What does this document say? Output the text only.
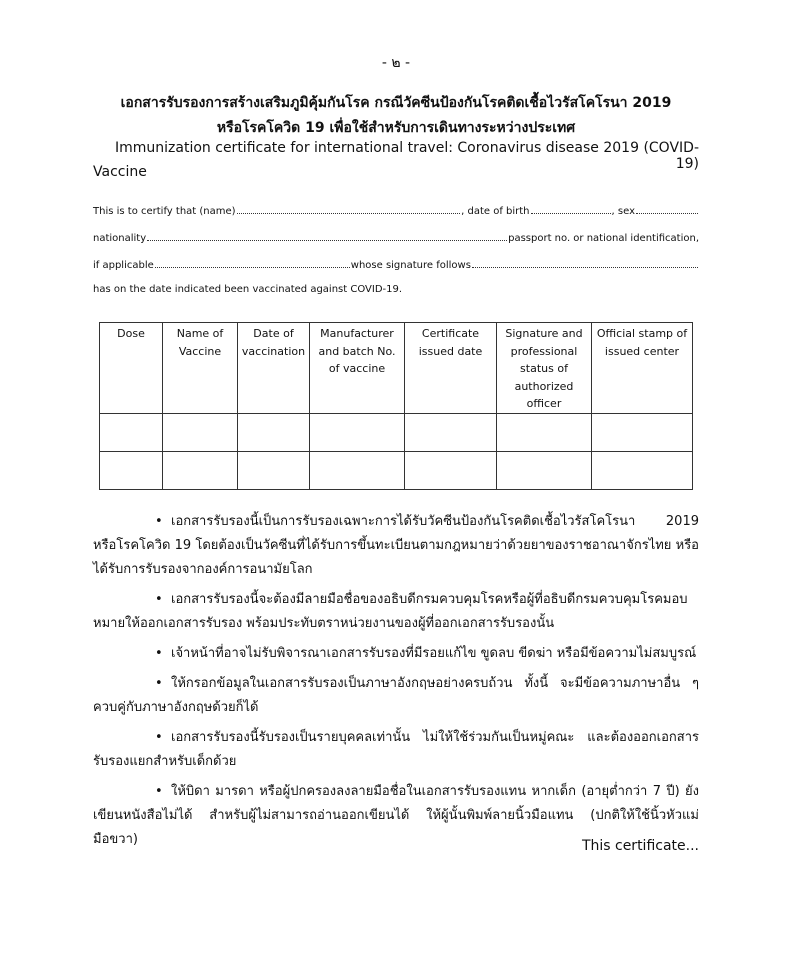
- ๒ -
เอกสารรับรองการสร้างเสริมภูมิคุ้มกันโรค กรณีวัคซีนป้องกันโรคติดเชื้อไวรัสโคโรนา 2019
หรือโรคโควิด 19 เพื่อใช้สำหรับการเดินทางระหว่างประเทศ
Immunization certificate for international travel: Coronavirus disease 2019 (COVID-19)
Vaccine
This is to certify that (name)	, date of birth	, sex
nationality	passport no. or national identification,
if applicable	whose signature follows
has on the date indicated been vaccinated against COVID-19.
Dose	Name of Vaccine	Date of vaccination	Manufacturer and batch No. of vaccine	Certificate issued date	Signature and professional status of authorized officer	Official stamp of issued center

• เอกสารรับรองนี้เป็นการรับรองเฉพาะการได้รับวัคซีนป้องกันโรคติดเชื้อไวรัสโคโรนา 2019 หรือโรคโควิด 19 โดยต้องเป็นวัคซีนที่ได้รับการขึ้นทะเบียนตามกฎหมายว่าด้วยยาของราชอาณาจักรไทย หรือได้รับการรับรองจากองค์การอนามัยโลก

• เอกสารรับรองนี้จะต้องมีลายมือชื่อของอธิบดีกรมควบคุมโรคหรือผู้ที่อธิบดีกรมควบคุมโรคมอบหมายให้ออกเอกสารรับรอง พร้อมประทับตราหน่วยงานของผู้ที่ออกเอกสารรับรองนั้น

• เจ้าหน้าที่อาจไม่รับพิจารณาเอกสารรับรองที่มีรอยแก้ไข ขูดลบ ขีดฆ่า หรือมีข้อความไม่สมบูรณ์

• ให้กรอกข้อมูลในเอกสารรับรองเป็นภาษาอังกฤษอย่างครบถ้วน ทั้งนี้ จะมีข้อความภาษาอื่น ๆ ควบคู่กับภาษาอังกฤษด้วยก็ได้

• เอกสารรับรองนี้รับรองเป็นรายบุคคลเท่านั้น ไม่ให้ใช้ร่วมกันเป็นหมู่คณะ และต้องออกเอกสารรับรองแยกสำหรับเด็กด้วย

• ให้บิดา มารดา หรือผู้ปกครองลงลายมือชื่อในเอกสารรับรองแทน หากเด็ก (อายุต่ำกว่า 7 ปี) ยังเขียนหนังสือไม่ได้ สำหรับผู้ไม่สามารถอ่านออกเขียนได้ ให้ผู้นั้นพิมพ์ลายนิ้วมือแทน (ปกติให้ใช้นิ้วหัวแม่มือขวา)	This certificate...
